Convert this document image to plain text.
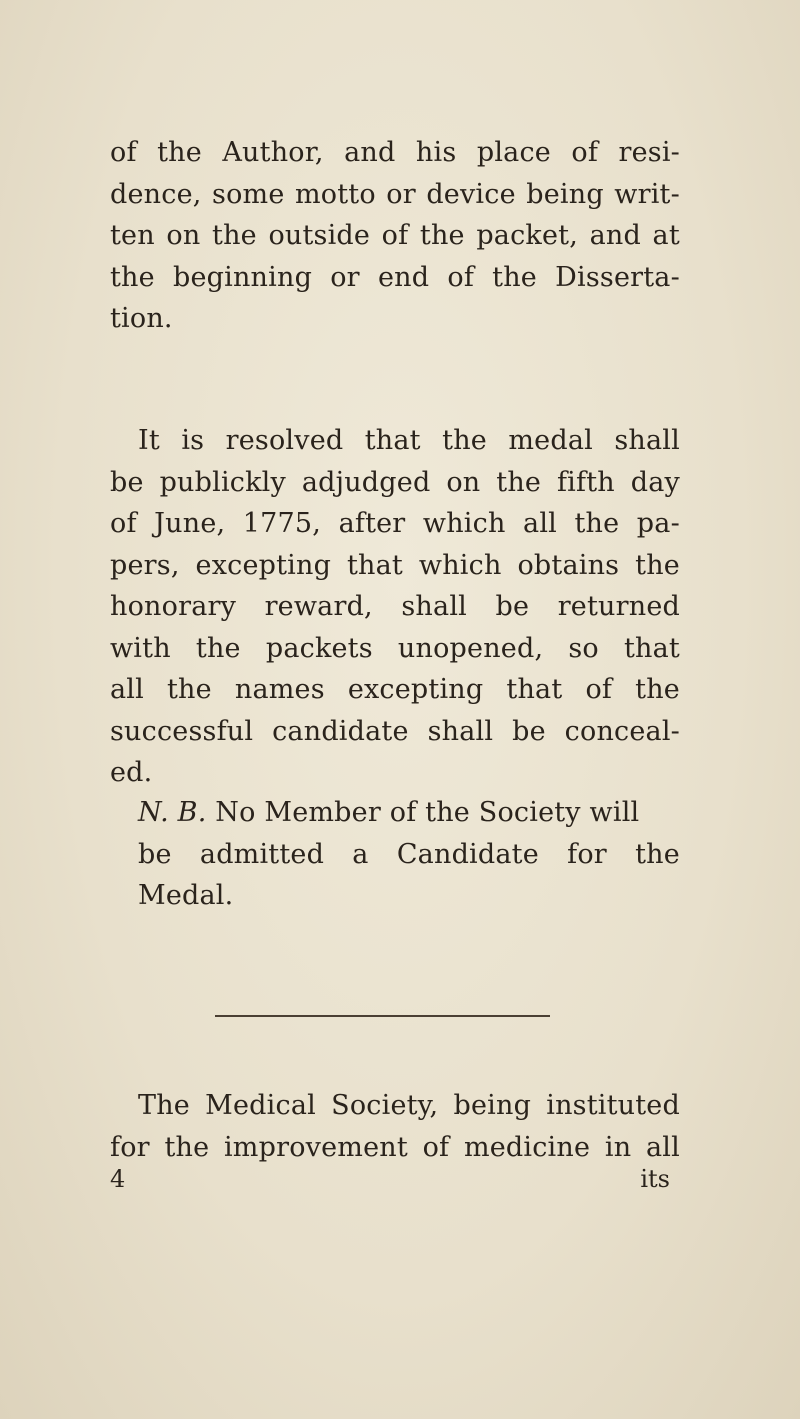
of the Author, and his place of resi-
dence, some motto or device being writ-
ten on the outside of the packet, and at
the beginning or end of the Disserta-
tion.
It is resolved that the medal shall
be publickly adjudged on the fifth day
of June, 1775, after which all the pa-
pers, excepting that which obtains the
honorary reward, shall be returned
with the packets unopened, so that
all the names excepting that of the
successful candidate shall be conceal-
ed.
N. B. No Member of the Society will
be admitted a Candidate for the
Medal.
The Medical Society, being instituted
for the improvement of medicine in all
4	its
